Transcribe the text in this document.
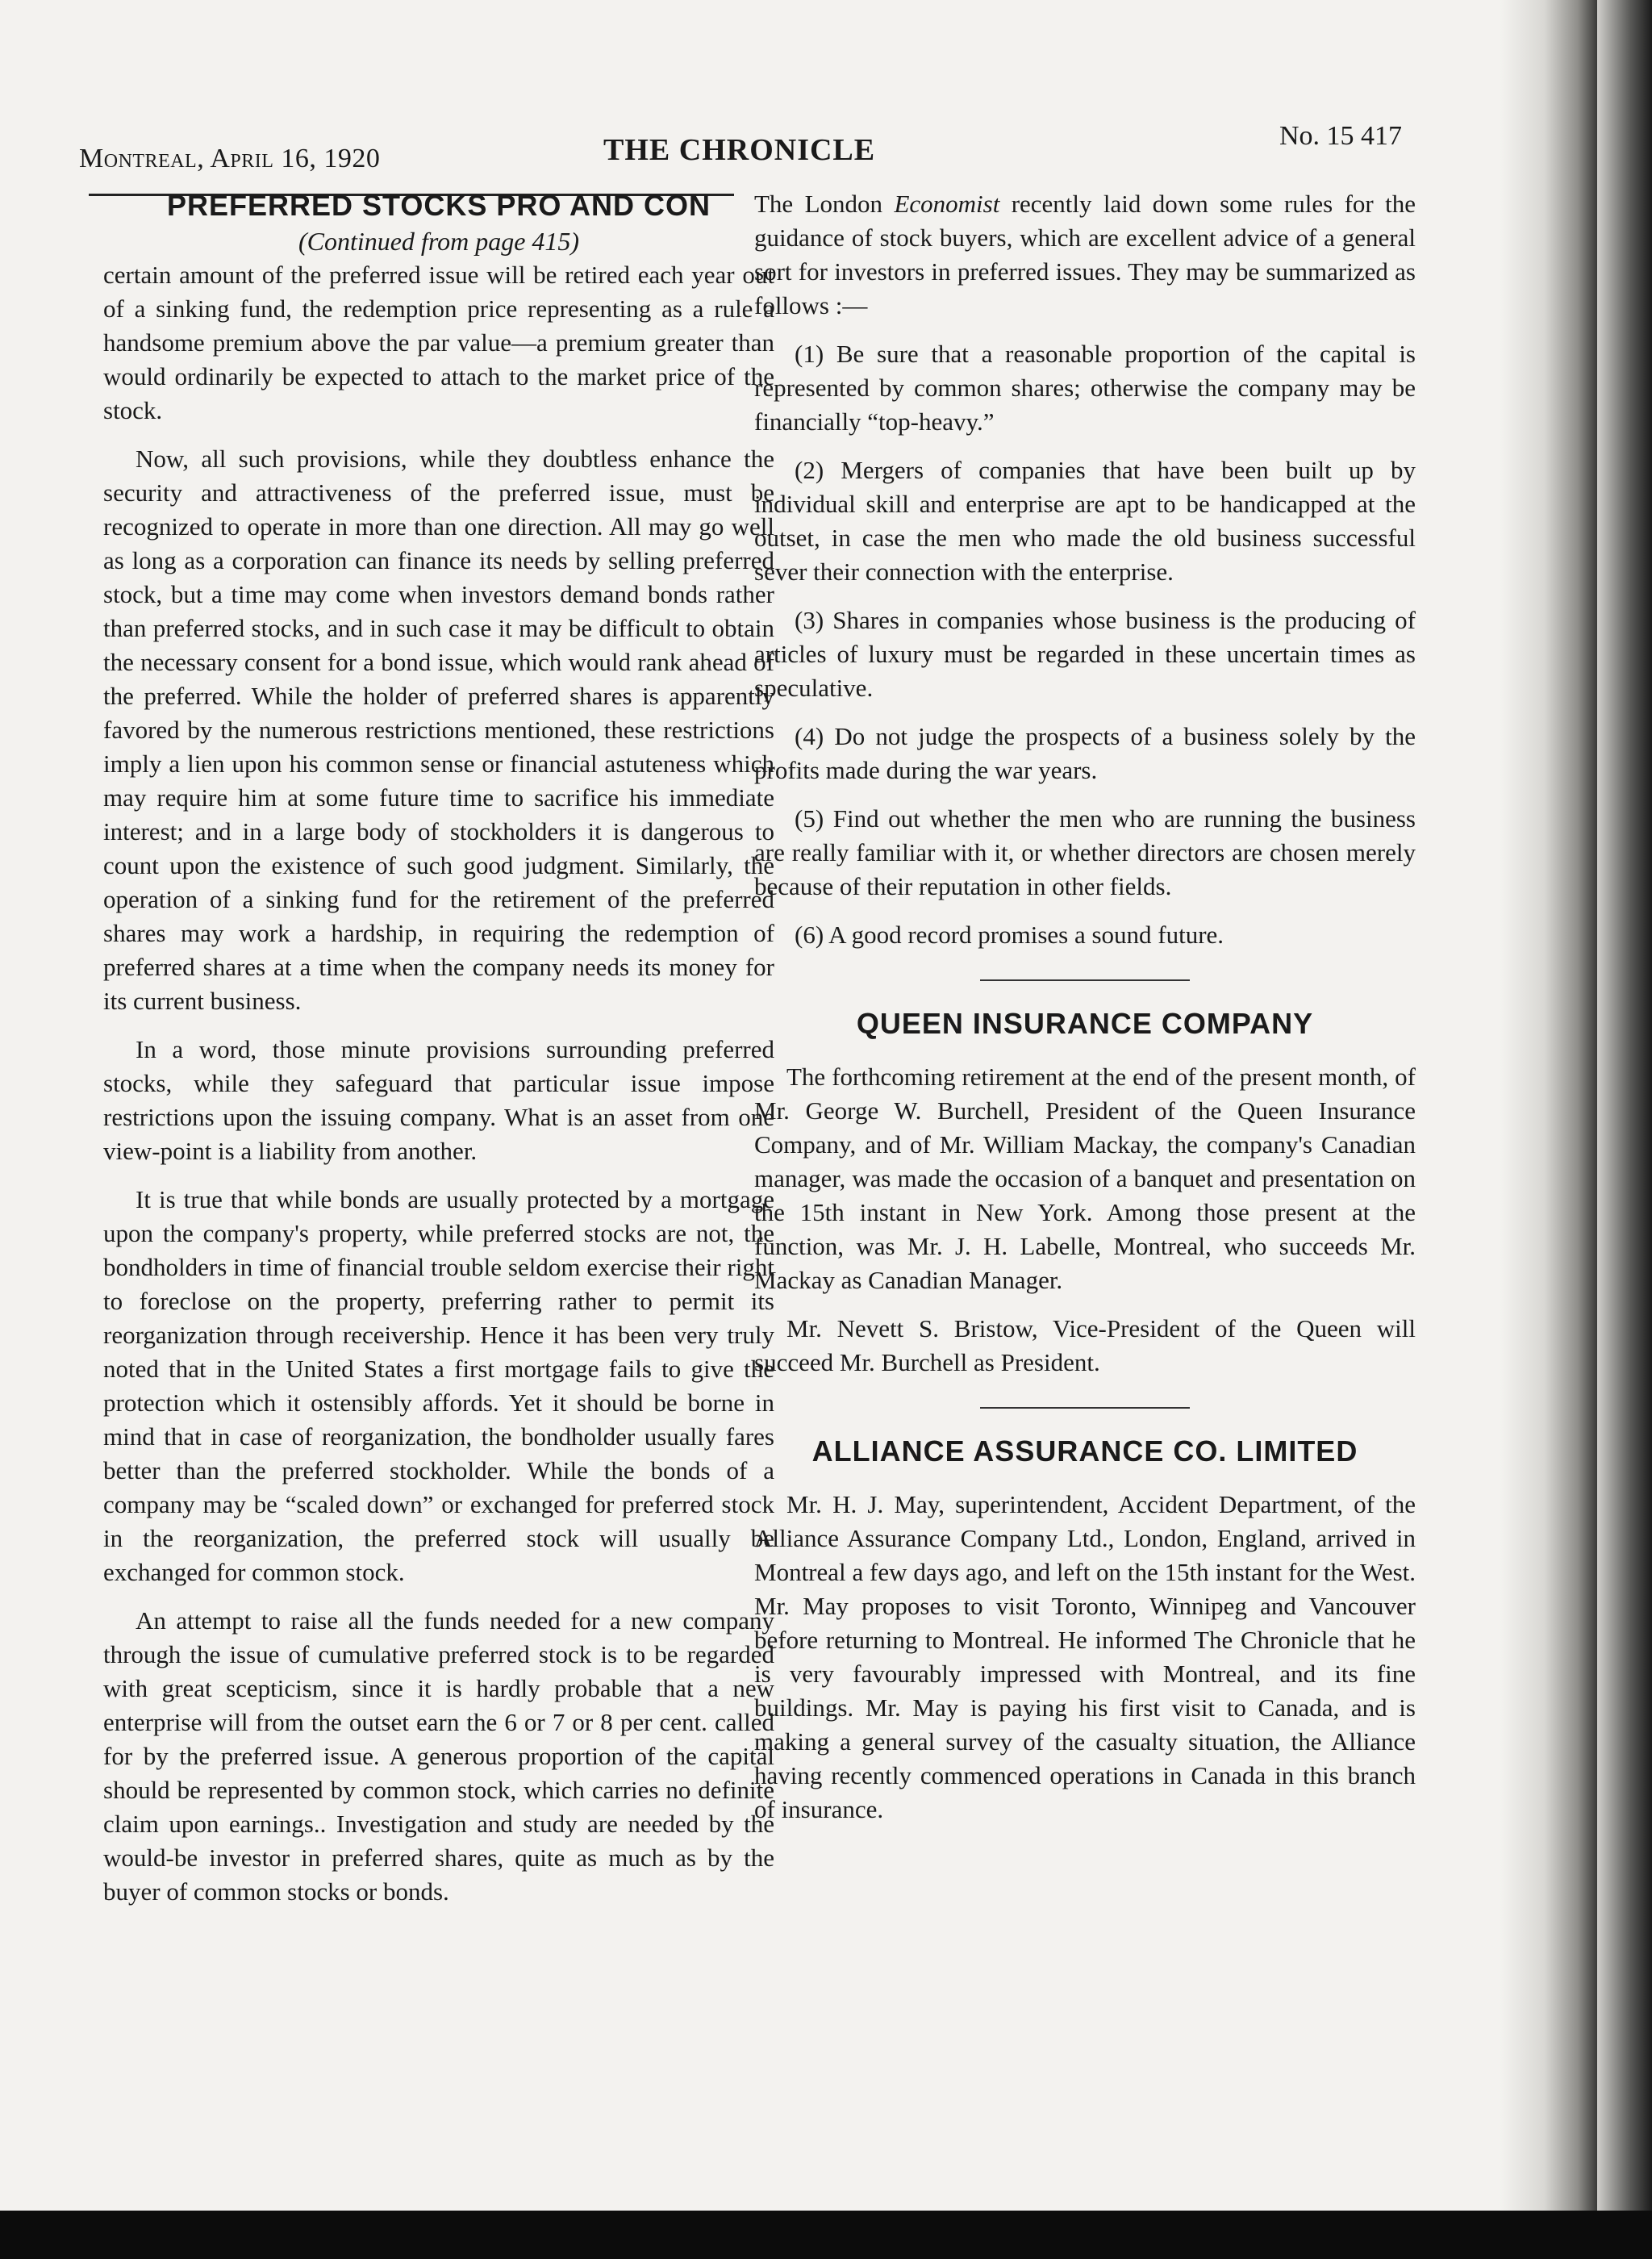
Montreal, April 16, 1920	THE CHRONICLE	No. 15 417
PREFERRED STOCKS PRO AND CON
(Continued from page 415)

certain amount of the preferred issue will be retired each year out of a sinking fund, the redemption price representing as a rule a handsome premium above the par value—a premium greater than would ordinarily be expected to attach to the market price of the stock.

Now, all such provisions, while they doubtless enhance the security and attractiveness of the preferred issue, must be recognized to operate in more than one direction. All may go well as long as a corporation can finance its needs by selling preferred stock, but a time may come when investors demand bonds rather than preferred stocks, and in such case it may be difficult to obtain the necessary consent for a bond issue, which would rank ahead of the preferred. While the holder of preferred shares is apparently favored by the numerous restrictions mentioned, these restrictions imply a lien upon his common sense or financial astuteness which may require him at some future time to sacrifice his immediate interest; and in a large body of stockholders it is dangerous to count upon the existence of such good judgment. Similarly, the operation of a sinking fund for the retirement of the preferred shares may work a hardship, in requiring the redemption of preferred shares at a time when the company needs its money for its current business.

In a word, those minute provisions surrounding preferred stocks, while they safeguard that particular issue impose restrictions upon the issuing company. What is an asset from one view-point is a liability from another.

It is true that while bonds are usually protected by a mortgage upon the company's property, while preferred stocks are not, the bondholders in time of financial trouble seldom exercise their right to foreclose on the property, preferring rather to permit its reorganization through receivership. Hence it has been very truly noted that in the United States a first mortgage fails to give the protection which it ostensibly affords. Yet it should be borne in mind that in case of reorganization, the bondholder usually fares better than the preferred stockholder. While the bonds of a company may be “scaled down” or exchanged for preferred stock in the reorganization, the preferred stock will usually be exchanged for common stock.

An attempt to raise all the funds needed for a new company through the issue of cumulative preferred stock is to be regarded with great scepticism, since it is hardly probable that a new enterprise will from the outset earn the 6 or 7 or 8 per cent. called for by the preferred issue. A generous proportion of the capital should be represented by common stock, which carries no definite claim upon earnings.. Investigation and study are needed by the would-be investor in preferred shares, quite as much as by the buyer of common stocks or bonds.

The London Economist recently laid down some rules for the guidance of stock buyers, which are excellent advice of a general sort for investors in preferred issues. They may be summarized as follows :—

(1) Be sure that a reasonable proportion of the capital is represented by common shares; otherwise the company may be financially “top-heavy.”

(2) Mergers of companies that have been built up by individual skill and enterprise are apt to be handicapped at the outset, in case the men who made the old business successful sever their connection with the enterprise.

(3) Shares in companies whose business is the producing of articles of luxury must be regarded in these uncertain times as speculative.

(4) Do not judge the prospects of a business solely by the profits made during the war years.

(5) Find out whether the men who are running the business are really familiar with it, or whether directors are chosen merely because of their reputation in other fields.

(6) A good record promises a sound future.

QUEEN INSURANCE COMPANY

The forthcoming retirement at the end of the present month, of Mr. George W. Burchell, President of the Queen Insurance Company, and of Mr. William Mackay, the company's Canadian manager, was made the occasion of a banquet and presentation on the 15th instant in New York. Among those present at the function, was Mr. J. H. Labelle, Montreal, who succeeds Mr. Mackay as Canadian Manager.

Mr. Nevett S. Bristow, Vice-President of the Queen will succeed Mr. Burchell as President.

ALLIANCE ASSURANCE CO. LIMITED

Mr. H. J. May, superintendent, Accident Department, of the Alliance Assurance Company Ltd., London, England, arrived in Montreal a few days ago, and left on the 15th instant for the West. Mr. May proposes to visit Toronto, Winnipeg and Vancouver before returning to Montreal. He informed The Chronicle that he is very favourably impressed with Montreal, and its fine buildings. Mr. May is paying his first visit to Canada, and is making a general survey of the casualty situation, the Alliance having recently commenced operations in Canada in this branch of insurance.
